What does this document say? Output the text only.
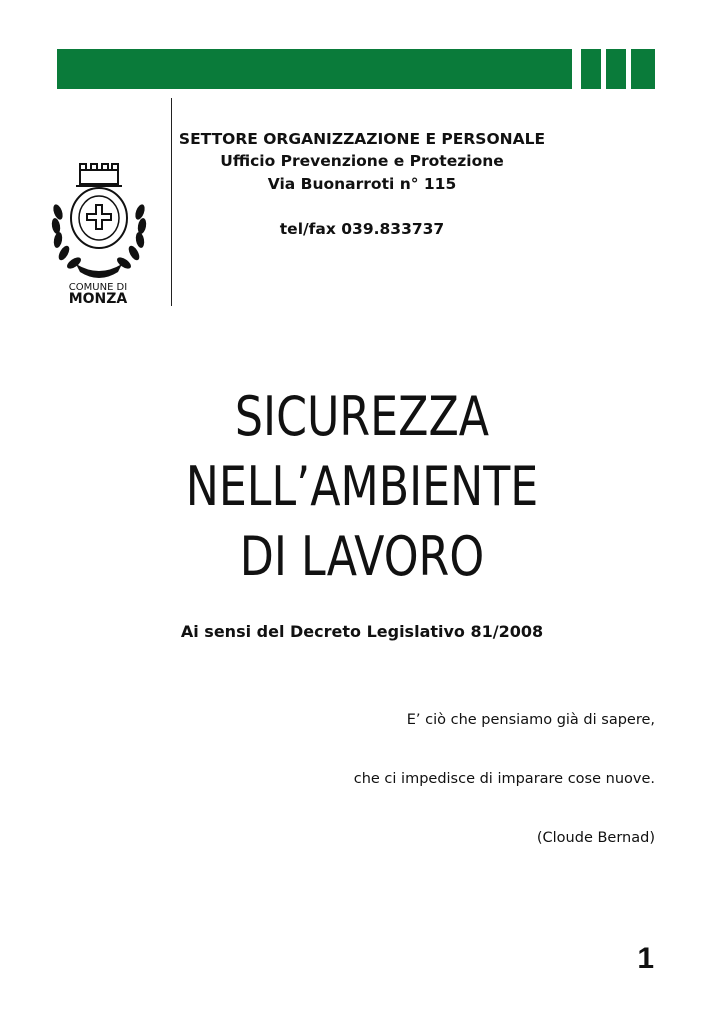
COMUNE DI
MONZA
SETTORE ORGANIZZAZIONE E PERSONALE
Ufficio Prevenzione e Protezione
Via Buonarroti n° 115
tel/fax 039.833737
SICUREZZA
NELL’AMBIENTE
DI LAVORO
Ai sensi del Decreto Legislativo 81/2008
E’ ciò che pensiamo già di sapere,
che ci impedisce di imparare cose nuove.
(Cloude Bernad)
1
